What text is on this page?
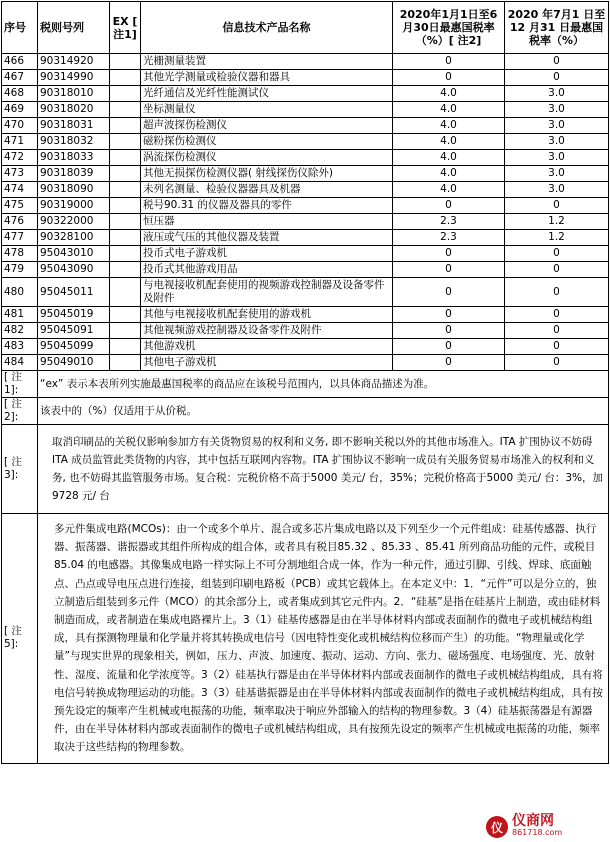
序号	税则号列	EX [ 注1]	信息技术产品名称	2020年1月1日至6月30日最惠国税率（%）[ 注2]	2020 年7月1 日至12 月31 日最惠国税率（%）
466	90314920		光栅测量装置	0	0
467	90314990		其他光学测量或检验仪器和器具	0	0
468	90318010		光纤通信及光纤性能测试仪	4.0	3.0
469	90318020		坐标测量仪	4.0	3.0
470	90318031		超声波探伤检测仪	4.0	3.0
471	90318032		磁粉探伤检测仪	4.0	3.0
472	90318033		涡流探伤检测仪	4.0	3.0
473	90318039		其他无损探伤检测仪器( 射线探伤仪除外)	4.0	3.0
474	90318090		未列名测量、检验仪器器具及机器	4.0	3.0
475	90319000		税号90.31 的仪器及器具的零件	0	0
476	90322000		恒压器	2.3	1.2
477	90328100		液压或气压的其他仪器及装置	2.3	1.2
478	95043010		投币式电子游戏机	0	0
479	95043090		投币式其他游戏用品	0	0
480	95045011		与电视接收机配套使用的视频游戏控制器及设备零件及附件	0	0
481	95045019		其他与电视接收机配套使用的游戏机	0	0
482	95045091		其他视频游戏控制器及设备零件及附件	0	0
483	95045099		其他游戏机	0	0
484	95049010		其他电子游戏机	0	0
[ 注1]:	“ex” 表示本表所列实施最惠国税率的商品应在该税号范围内，以具体商品描述为准。				
[ 注2]:	该表中的（%）仅适用于从价税。				
[ 注3]:	取消印刷品的关税仅影响参加方有关货物贸易的权利和义务, 即不影响关税以外的其他市场准入。ITA 扩围协议不妨碍ITA 成员监管此类货物的内容，其中包括互联网内容物。ITA 扩围协议不影响一成员有关服务贸易市场准入的权利和义务, 也不妨碍其监管服务市场。复合税：完税价格不高于5000 美元/ 台，35%；完税价格高于5000 美元/ 台：3%，加9728 元/ 台				

[ 注5]:	多元件集成电路(MCOs)：由一个或多个单片、混合或多芯片集成电路以及下列至少一个元件组成：硅基传感器、执行器、振荡器、谐振器或其组件所构成的组合体，或者具有税目85.32 、85.33 、85.41 所列商品功能的元件，或税目85.04 的电感器。其像集成电路一样实际上不可分割地组合成一体，作为一种元件，通过引脚、引线、焊球、底面触点、凸点或导电压点进行连接，组装到印刷电路板（PCB）或其它载体上。在本定义中：1．“元件”可以是分立的，独立制造后组装到多元件（MCO）的其余部分上，或者集成到其它元件内。2．“硅基”是指在硅基片上制造，或由硅材料制造而成，或者制造在集成电路裸片上。3（1）硅基传感器是由在半导体材料内部或表面制作的微电子或机械结构组成，具有探测物理量和化学量并将其转换成电信号（因电特性变化或机械结构位移而产生）的功能。“物理量或化学量”与现实世界的现象相关，例如，压力、声波、加速度、振动、运动、方向、张力、磁场强度、电场强度、光、放射性、湿度、流量和化学浓度等。3（2）硅基执行器是由在半导体材料内部或表面制作的微电子或机械结构组成，具有将电信号转换成物理运动的功能。3（3）硅基谐振器是由在半导体材料内部或表面制作的微电子或机械结构组成，具有按预先设定的频率产生机械或电振荡的功能，频率取决于响应外部输入的结构的物理参数。3（4）硅基振荡器是有源器件，由在半导体材料内部或表面制作的微电子或机械结构组成，具有按预先设定的频率产生机械或电振荡的功能，频率取决于这些结构的物理参数。				

仪 仪商网
861718.com
